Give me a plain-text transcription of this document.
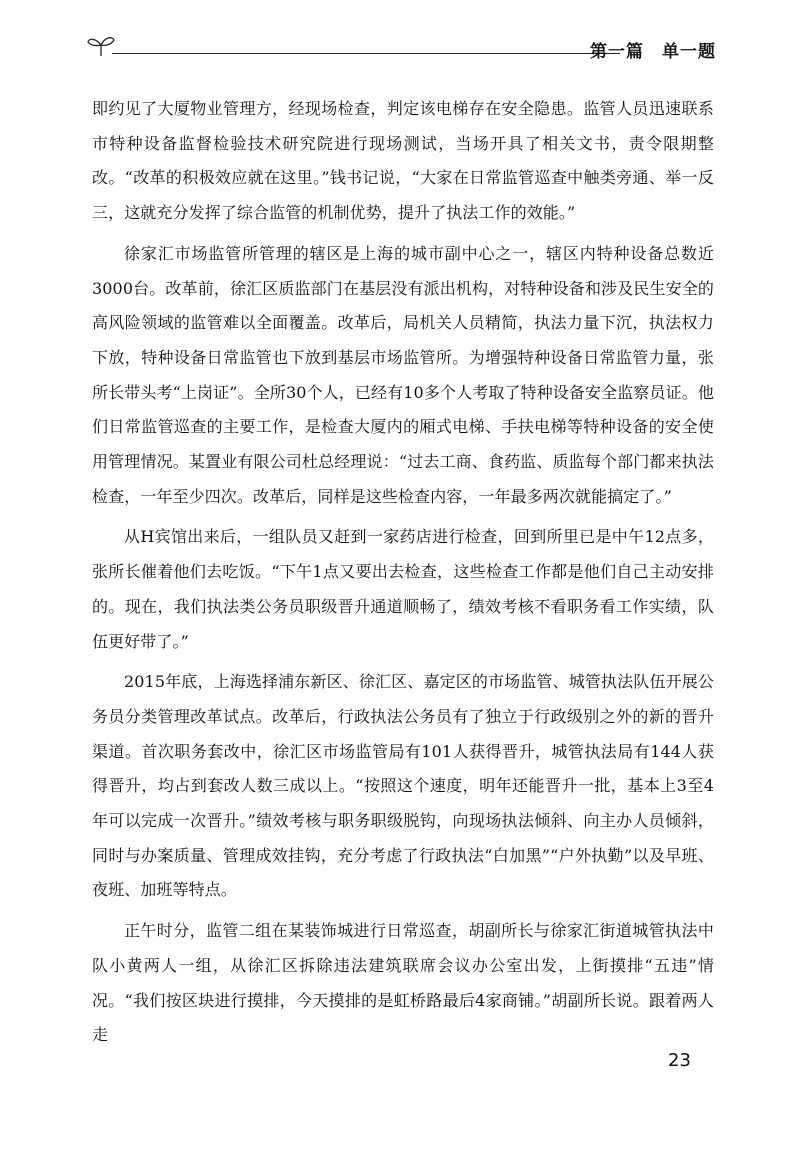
第一篇　单一题

即约见了大厦物业管理方，经现场检查，判定该电梯存在安全隐患。监管人员迅速联系市特种设备监督检验技术研究院进行现场测试，当场开具了相关文书，责令限期整改。“改革的积极效应就在这里。”钱书记说，“大家在日常监管巡查中触类旁通、举一反三，这就充分发挥了综合监管的机制优势，提升了执法工作的效能。”

徐家汇市场监管所管理的辖区是上海的城市副中心之一，辖区内特种设备总数近3000台。改革前，徐汇区质监部门在基层没有派出机构，对特种设备和涉及民生安全的高风险领域的监管难以全面覆盖。改革后，局机关人员精简，执法力量下沉，执法权力下放，特种设备日常监管也下放到基层市场监管所。为增强特种设备日常监管力量，张所长带头考“上岗证”。全所30个人，已经有10多个人考取了特种设备安全监察员证。他们日常监管巡查的主要工作，是检查大厦内的厢式电梯、手扶电梯等特种设备的安全使用管理情况。某置业有限公司杜总经理说：“过去工商、食药监、质监每个部门都来执法检查，一年至少四次。改革后，同样是这些检查内容，一年最多两次就能搞定了。”

从H宾馆出来后，一组队员又赶到一家药店进行检查，回到所里已是中午12点多，张所长催着他们去吃饭。“下午1点又要出去检查，这些检查工作都是他们自己主动安排的。现在，我们执法类公务员职级晋升通道顺畅了，绩效考核不看职务看工作实绩，队伍更好带了。”

2015年底，上海选择浦东新区、徐汇区、嘉定区的市场监管、城管执法队伍开展公务员分类管理改革试点。改革后，行政执法公务员有了独立于行政级别之外的新的晋升渠道。首次职务套改中，徐汇区市场监管局有101人获得晋升，城管执法局有144人获得晋升，均占到套改人数三成以上。“按照这个速度，明年还能晋升一批，基本上3至4年可以完成一次晋升。”绩效考核与职务职级脱钩，向现场执法倾斜、向主办人员倾斜，同时与办案质量、管理成效挂钩，充分考虑了行政执法“白加黑”“户外执勤”以及早班、夜班、加班等特点。

正午时分，监管二组在某装饰城进行日常巡查，胡副所长与徐家汇街道城管执法中队小黄两人一组，从徐汇区拆除违法建筑联席会议办公室出发，上街摸排“五违”情况。“我们按区块进行摸排，今天摸排的是虹桥路最后4家商铺。”胡副所长说。跟着两人走

23
